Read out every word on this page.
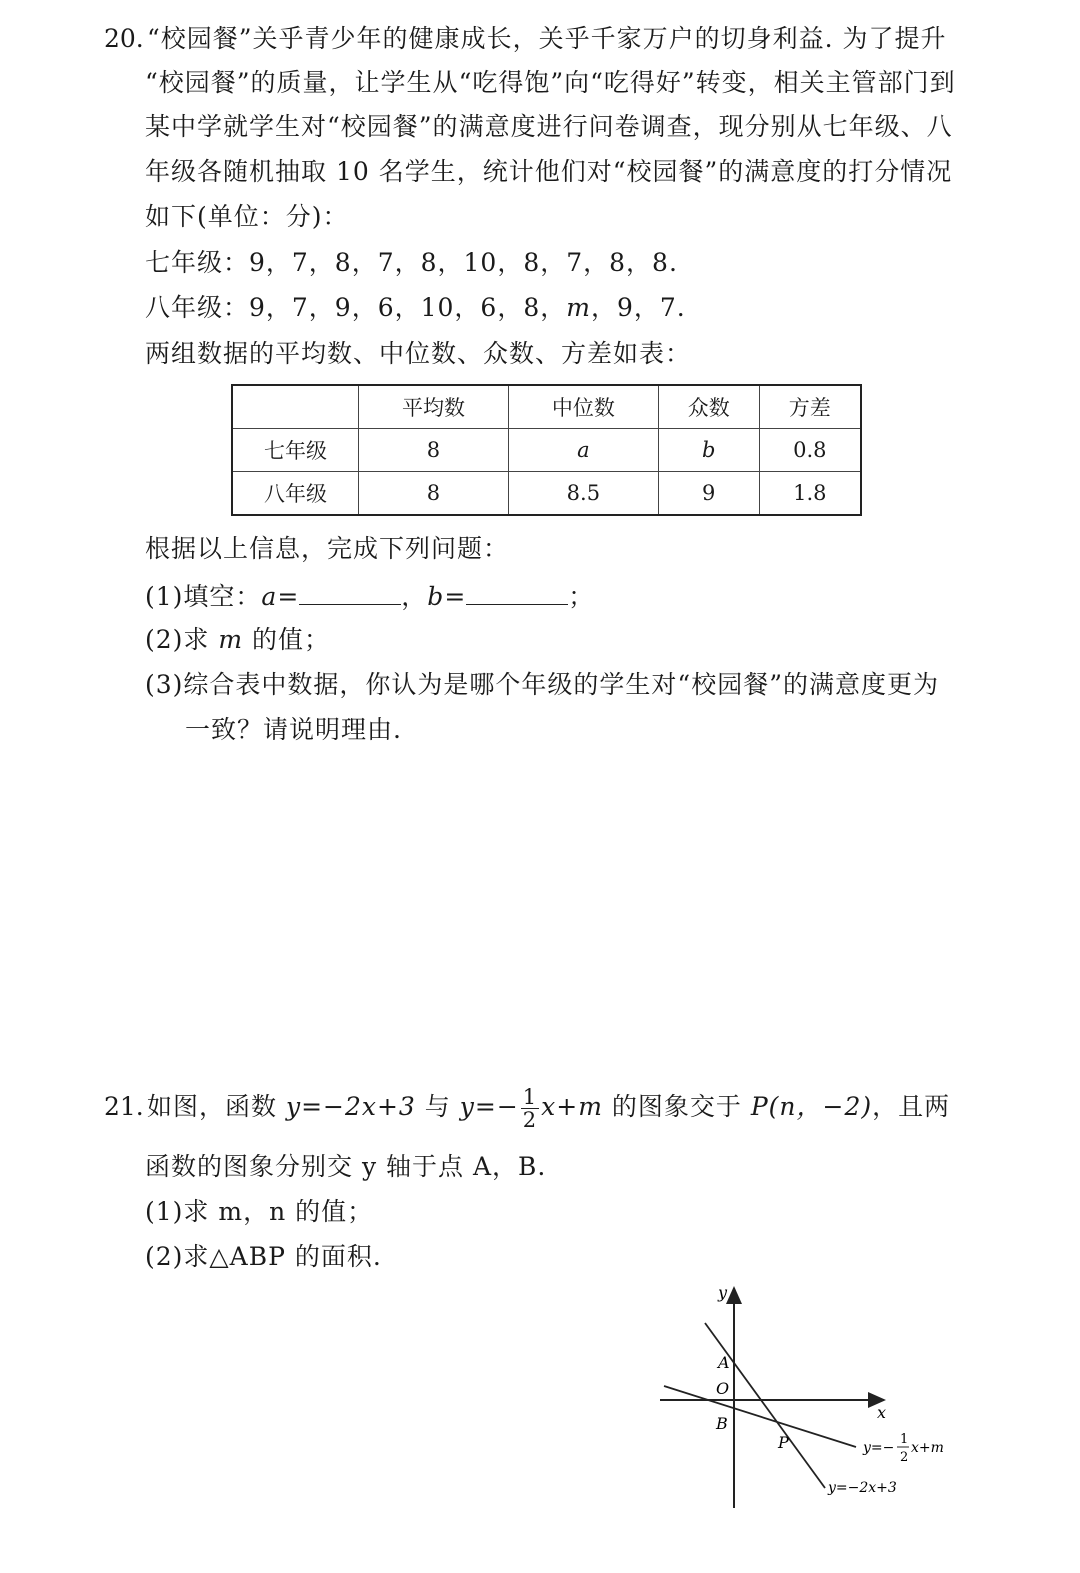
20. “校园餐”关乎青少年的健康成长，关乎千家万户的切身利益. 为了提升
“校园餐”的质量，让学生从“吃得饱”向“吃得好”转变，相关主管部门到
某中学就学生对“校园餐”的满意度进行问卷调查，现分别从七年级、八
年级各随机抽取 10 名学生，统计他们对“校园餐”的满意度的打分情况
如下(单位：分)：
七年级：9，7，8，7，8，10，8，7，8，8.
八年级：9，7，9，6，10，6，8，m，9，7.
两组数据的平均数、中位数、众数、方差如表：
	平均数	中位数	众数	方差
七年级	8	a	b	0.8
八年级	8	8.5	9	1.8
根据以上信息，完成下列问题：
(1)填空：a=	，b=	；
(2)求 m 的值；
(3)综合表中数据，你认为是哪个年级的学生对“校园餐”的满意度更为
一致？请说明理由.
21. 如图，函数 y=−2x+3 与 $y=- \frac{1}{2} x+m$ 的图象交于 P(n，−2)，且两
函数的图象分别交 y 轴于点 A，B.
(1)求 m，n 的值；
(2)求△ABP 的面积.
y
x
A
O
B
P	y=−
1
2
x+m
y=−2x+3
